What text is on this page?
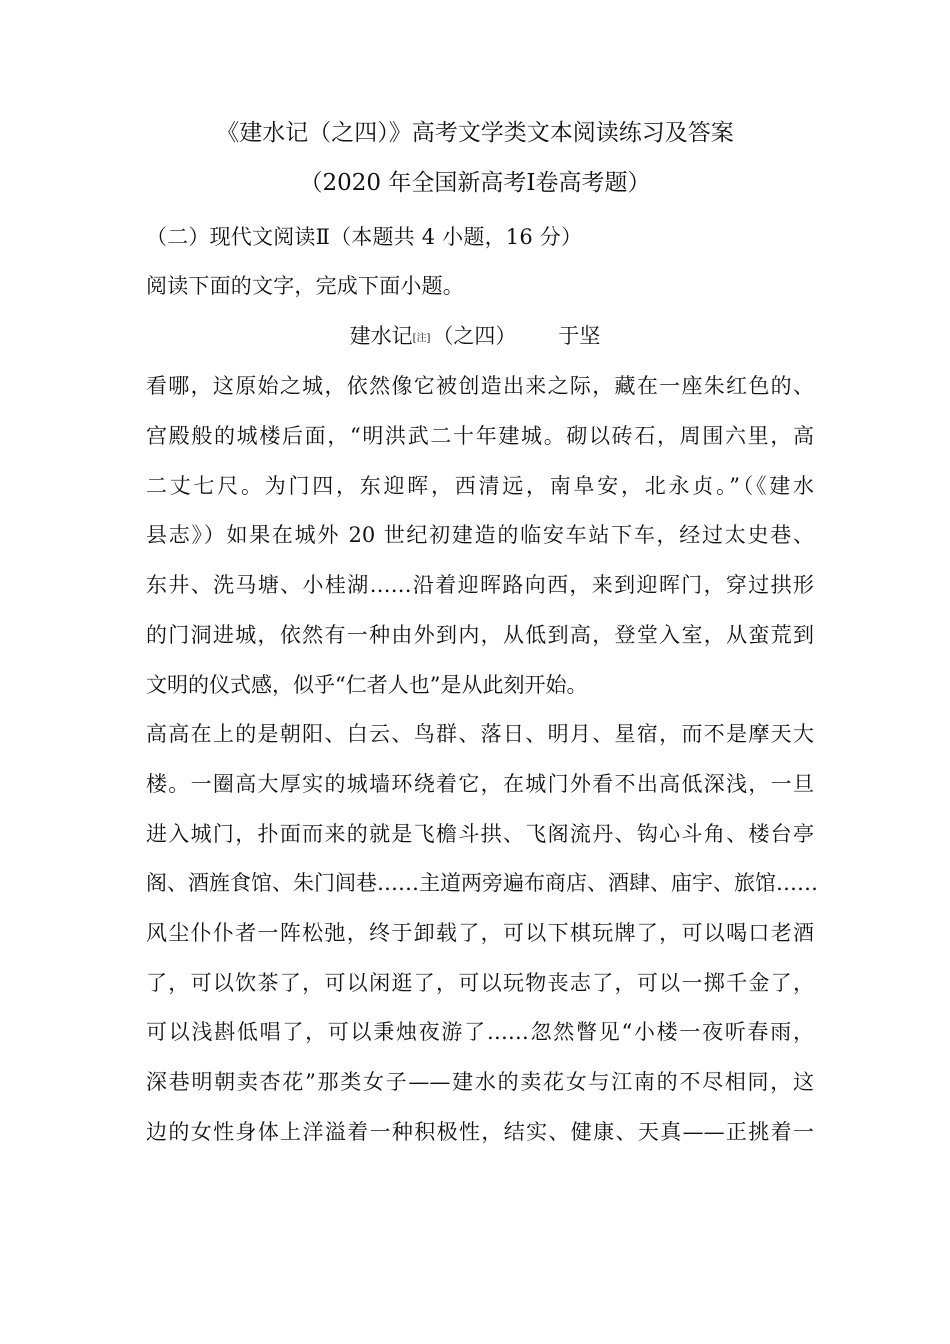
《建水记（之四）》高考文学类文本阅读练习及答案
（2020 年全国新高考Ⅰ卷高考题）
（二）现代文阅读Ⅱ（本题共 4 小题，16 分）
阅读下面的文字，完成下面小题。
建水记[注]（之四） 于坚
看哪，这原始之城，依然像它被创造出来之际，藏在一座朱红色的、
宫殿般的城楼后面，“明洪武二十年建城。砌以砖石，周围六里，高
二丈七尺。为门四，东迎晖，西清远，南阜安，北永贞。”（《建水
县志》）如果在城外 20 世纪初建造的临安车站下车，经过太史巷、
东井、洗马塘、小桂湖……沿着迎晖路向西，来到迎晖门，穿过拱形
的门洞进城，依然有一种由外到内，从低到高，登堂入室，从蛮荒到
文明的仪式感，似乎“仁者人也”是从此刻开始。
高高在上的是朝阳、白云、鸟群、落日、明月、星宿，而不是摩天大
楼。一圈高大厚实的城墙环绕着它，在城门外看不出高低深浅，一旦
进入城门，扑面而来的就是飞檐斗拱、飞阁流丹、钩心斗角、楼台亭
阁、酒旌食馆、朱门闾巷……主道两旁遍布商店、酒肆、庙宇、旅馆……
风尘仆仆者一阵松弛，终于卸载了，可以下棋玩牌了，可以喝口老酒
了，可以饮茶了，可以闲逛了，可以玩物丧志了，可以一掷千金了，
可以浅斟低唱了，可以秉烛夜游了……忽然瞥见“小楼一夜听春雨，
深巷明朝卖杏花”那类女子——建水的卖花女与江南的不尽相同，这
边的女性身体上洋溢着一种积极性，结实、健康、天真——正挑着一
